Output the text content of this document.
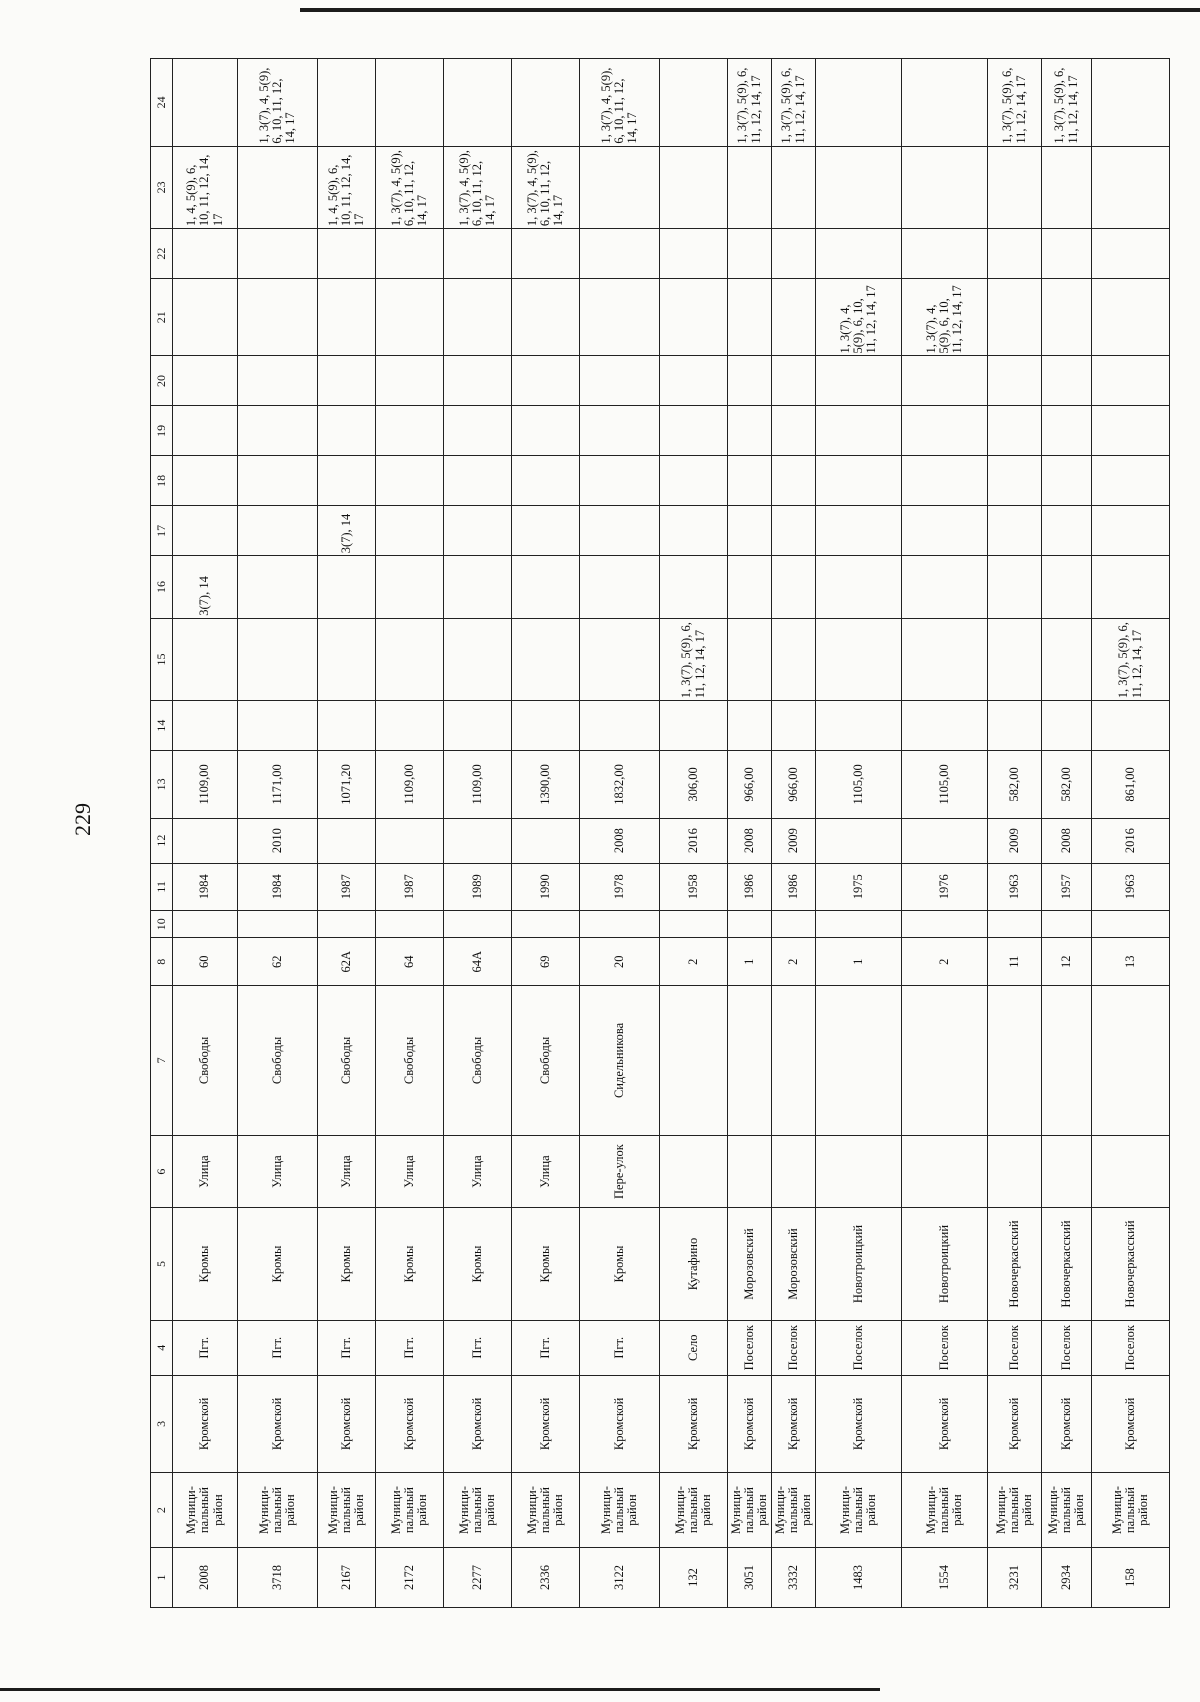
229
1	2	3	4	5	6	7	8	10	11	12	13	14	15	16	17	18	19	20	21	22	23	24
2008	Муници-пальный район	Кромской	Пгт.	Кромы	Улица	Свободы	60		1984		1109,00			3(7), 14							1, 4, 5(9), 6, 10, 11, 12, 14, 17	
3718	Муници-пальный район	Кромской	Пгт.	Кромы	Улица	Свободы	62		1984	2010	1171,00											1, 3(7), 4, 5(9), 6, 10, 11, 12, 14, 17
2167	Муници-пальный район	Кромской	Пгт.	Кромы	Улица	Свободы	62А		1987		1071,20				3(7), 14						1, 4, 5(9), 6, 10, 11, 12, 14, 17	
2172	Муници-пальный район	Кромской	Пгт.	Кромы	Улица	Свободы	64		1987		1109,00										1, 3(7), 4, 5(9), 6, 10, 11, 12, 14, 17	
2277	Муници-пальный район	Кромской	Пгт.	Кромы	Улица	Свободы	64А		1989		1109,00										1, 3(7), 4, 5(9), 6, 10, 11, 12, 14, 17	
2336	Муници-пальный район	Кромской	Пгт.	Кромы	Улица	Свободы	69		1990		1390,00										1, 3(7), 4, 5(9), 6, 10, 11, 12, 14, 17	
3122	Муници-пальный район	Кромской	Пгт.	Кромы	Пере-улок	Сидельникова	20		1978	2008	1832,00											1, 3(7), 4, 5(9), 6, 10, 11, 12, 14, 17
132	Муници-пальный район	Кромской	Село	Кутафино			2		1958	2016	306,00		1, 3(7), 5(9), 6, 11, 12, 14, 17									
3051	Муници-пальный район	Кромской	Поселок	Морозовский			1		1986	2008	966,00											1, 3(7), 5(9), 6, 11, 12, 14, 17
3332	Муници-пальный район	Кромской	Поселок	Морозовский			2		1986	2009	966,00											1, 3(7), 5(9), 6, 11, 12, 14, 17
1483	Муници-пальный район	Кромской	Поселок	Новотроицкий			1		1975		1105,00								1, 3(7), 4, 5(9), 6, 10, 11, 12, 14, 17			
1554	Муници-пальный район	Кромской	Поселок	Новотроицкий			2		1976		1105,00								1, 3(7), 4, 5(9), 6, 10, 11, 12, 14, 17			
3231	Муници-пальный район	Кромской	Поселок	Новочеркасский			11		1963	2009	582,00											1, 3(7), 5(9), 6, 11, 12, 14, 17
2934	Муници-пальный район	Кромской	Поселок	Новочеркасский			12		1957	2008	582,00											1, 3(7), 5(9), 6, 11, 12, 14, 17
158	Муници-пальный район	Кромской	Поселок	Новочеркасский			13		1963	2016	861,00		1, 3(7), 5(9), 6, 11, 12, 14, 17									
